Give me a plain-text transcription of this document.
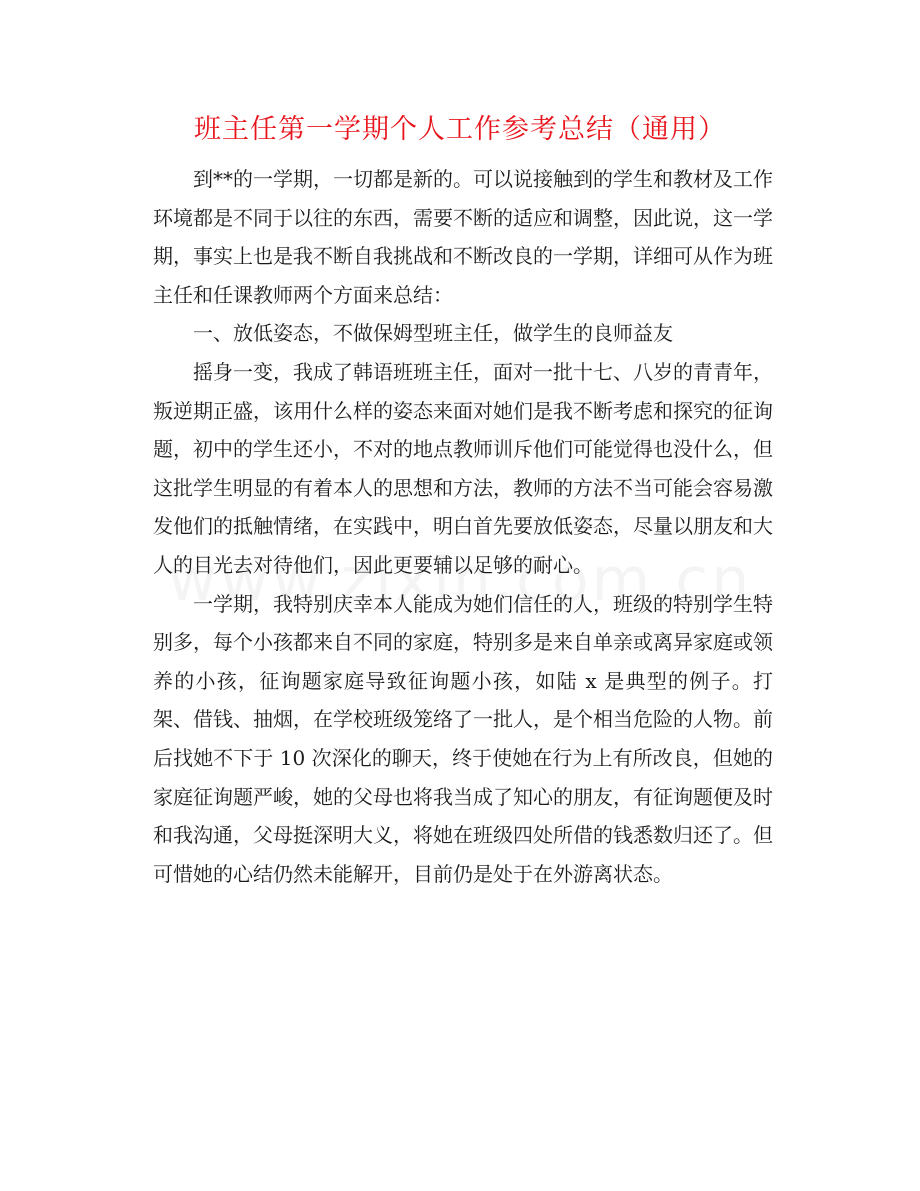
班主任第一学期个人工作参考总结（通用）

到**的一学期，一切都是新的。可以说接触到的学生和教材及工作环境都是不同于以往的东西，需要不断的适应和调整，因此说，这一学期，事实上也是我不断自我挑战和不断改良的一学期，详细可从作为班主任和任课教师两个方面来总结：

一、放低姿态，不做保姆型班主任，做学生的良师益友

摇身一变，我成了韩语班班主任，面对一批十七、八岁的青青年，叛逆期正盛，该用什么样的姿态来面对她们是我不断考虑和探究的征询题，初中的学生还小，不对的地点教师训斥他们可能觉得也没什么，但这批学生明显的有着本人的思想和方法，教师的方法不当可能会容易激发他们的抵触情绪，在实践中，明白首先要放低姿态，尽量以朋友和大人的目光去对待他们，因此更要辅以足够的耐心。

一学期，我特别庆幸本人能成为她们信任的人，班级的特别学生特别多，每个小孩都来自不同的家庭，特别多是来自单亲或离异家庭或领养的小孩，征询题家庭导致征询题小孩，如陆 x 是典型的例子。打架、借钱、抽烟，在学校班级笼络了一批人，是个相当危险的人物。前后找她不下于 10 次深化的聊天，终于使她在行为上有所改良，但她的家庭征询题严峻，她的父母也将我当成了知心的朋友，有征询题便及时和我沟通，父母挺深明大义，将她在班级四处所借的钱悉数归还了。但可惜她的心结仍然未能解开，目前仍是处于在外游离状态。
